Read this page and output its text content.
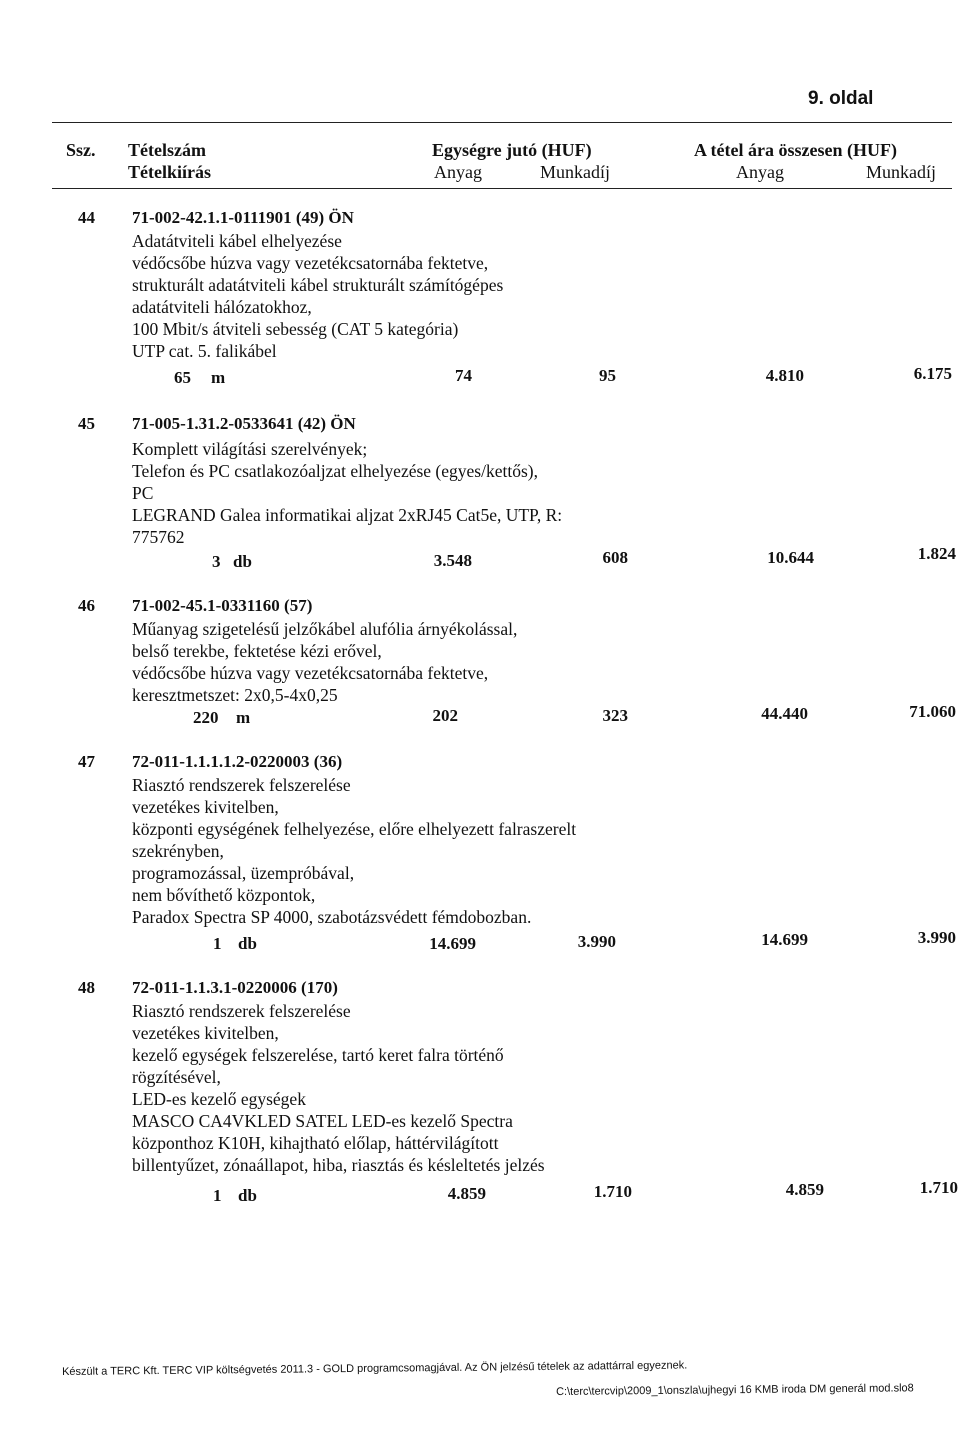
9. oldal
Ssz. Tételszám
Tételkiírás
Egységre jutó (HUF)
Anyag	Munkadíj
A tétel ára összesen (HUF)
Anyag	Munkadíj
44 71-002-42.1.1-0111901 (49) ÖN
Adatátviteli kábel elhelyezése
védőcsőbe húzva vagy vezetékcsatornába fektetve,
strukturált adatátviteli kábel strukturált számítógépes
adatátviteli hálózatokhoz,
100 Mbit/s átviteli sebesség (CAT 5 kategória)
UTP cat. 5. falikábel
65 m	74	95	4.810	6.175
45 71-005-1.31.2-0533641 (42) ÖN
Komplett világítási szerelvények;
Telefon és PC csatlakozóaljzat elhelyezése (egyes/kettős),
PC
LEGRAND Galea informatikai aljzat 2xRJ45 Cat5e, UTP, R:
775762
3 db	3.548	608	10.644	1.824
46 71-002-45.1-0331160 (57)
Műanyag szigetelésű jelzőkábel alufólia árnyékolással,
belső terekbe, fektetése kézi erővel,
védőcsőbe húzva vagy vezetékcsatornába fektetve,
keresztmetszet: 2x0,5-4x0,25
220 m	202	323	44.440	71.060
47 72-011-1.1.1.1.2-0220003 (36)
Riasztó rendszerek felszerelése
vezetékes kivitelben,
központi egységének felhelyezése, előre elhelyezett falraszerelt
szekrényben,
programozással, üzempróbával,
nem bővíthető központok,
Paradox Spectra SP 4000, szabotázsvédett fémdobozban.
1 db	14.699	3.990	14.699	3.990
48 72-011-1.1.3.1-0220006 (170)
Riasztó rendszerek felszerelése
vezetékes kivitelben,
kezelő egységek felszerelése, tartó keret falra történő
rögzítésével,
LED-es kezelő egységek
MASCO CA4VKLED SATEL LED-es kezelő Spectra
központhoz K10H, kihajtható előlap, háttérvilágított
billentyűzet, zónaállapot, hiba, riasztás és késleltetés jelzés
1 db	4.859	1.710	4.859	1.710
Készült a TERC Kft. TERC VIP költségvetés 2011.3 - GOLD programcsomagjával. Az ÖN jelzésű tételek az adattárral egyeznek.
C:\terc\tercvip\2009_1\onszla\ujhegyi 16 KMB iroda DM generál mod.slo8
